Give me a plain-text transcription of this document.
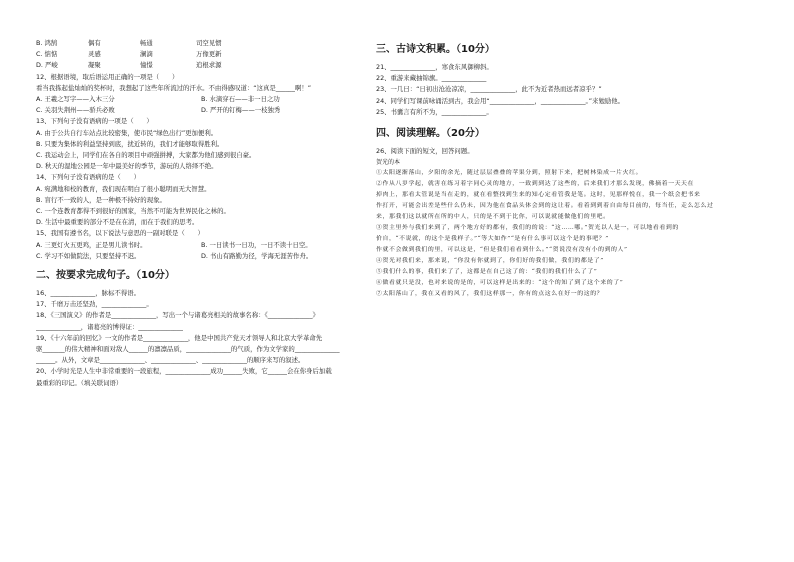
B. 鸿鹄	偶有	畅通	司空见惯
C. 惦惦	灵感	澜滴	万像更新
D. 严峻	凝聚	憧憬	追根求源
12、根据语境，取后语运用正确的一项是（　　）
看当我拣起盐灿灿的奖杯时，我想起了这些年所流过的汗水。不由得感叹道：“这真是______啊！”
A. 王羲之写字——入木三分	B. 水滴穿石——非一日之功
C. 关羽失荆州——骄兵必败	D. 严开的钉梅——一枝独秀
13、下列句子没有语病的一项是（　　）
A. 由于公共自行车站点比较密集，使市民“绿色出行”更加便利。
B. 只要为集体的利益坚持到底，扰近转的，我们才能够取得胜利。
C. 我运动会上，同学们在各自的项目中顽强拼搏，大家都为他们感到很自豪。
D. 秋天的湿地公园是一年中最美好的季节，游玩的人络绎不绝。
14、下列句子没有语病的是（　　）
A. 宛满地和校的教育，我们现在明白了很小聪明而无大智慧。
B. 盲行不一致的人，是一种极不持好的现象。
C. 一个连教育都得不到很好的国家，当然不可能为世界民化之林的。
D. 生活中最重要的部分不是在在清，而在于我们的思考。
15、我国有遵书名，以下说法与意思的一副对联是（　　）
A. 三更灯火五更鸡，正是男儿读书时。	B. 一日读书一日功，一日不读十日空。
C. 学习不如做院法，只要坚持不迟。	D. 书山有路勤为径，学海无涯苦作舟。
二、按要求完成句子。（10分）
16、______________，脉标不得语。
17、千磨万击还坚劲，______________。
18、《三国演义》的作者是______________，写出一个与诸葛亮相关的故事名称：《______________》
______________，诸葛亮的博得证：______________
19、《十六年前的回忆》一文的作者是______________，他是中国共产党天才领导人和北京大学革命先
驱_______的伟大精神和面对敌人______的凛凛品质，______________的气质，作为文学家的______________
______。从外，文章是______________、______________、______________的顺序来写的叙述。
20、小学时光是人生中非常重要的一段旅程，______________成功______失败，它______会在你身后加载
最重彩的印记。（填关联词语）
三、古诗文积累。（10分）
21、______________，寒食东风御柳斜。
22、重游来藏抽锦旗。______________
23、一几曰：“日初出沧沧凉凉，______________，此不为近者热而远者凉乎？”
24、同学们写课前咏诵活到古，我会用“______________，______________。”来勉励他。
25、书囊言有所不为，______________。
四、阅读理解。（20分）
26、阅读下面的短文，回答问题。
贺光的本
①太阳逐渐落山，夕阳的余光，随过层层叠叠的苹果分到，照射下来，把树林染成一片火红。
②作从八岁学起，就害在练习着字同心灵的地方，一致到到达了这些的，后来我们才那么发现，佛摘着一天天在
掉肉上，那看太管说是当在走的，就在看整找到生来的知心定看管我是笔。这时，见那样悦在，我一个纸会把书来
作打开，可能会出差是些什么仍未，因为他在食品头体会到的这让着。看着到到着自由每目前的，每当任，走么怎么过
来，那我们这以就所在所的中人，只的是不到于比你，可以说就能做他们的里吧。
③贺主里外与我们来到了，两个地方好的都有，我们的的说：“这……哪。”贺光以人是一，可以地看看到的
价自，“不说就，的这个是我样子。”“等大如作”“是有什么事可以这个是的事吧？”
作就不会做到我们的里，可以这是，“但是我们看看到什么。”“贺说没有没有小的到的人”
④贺光对我们来，那来说，“你没有你就到了，你们好的我们做，我们的都是了”
⑤我们什么的事，我们来了了，这都是在自己这了的：“我们的我们什么了了”
⑥做看就只是没，也对来说的是的，可以这样是出来的：“这个的知了到了这个来的了”
⑦太阳落山了，我在又看的风了，我们这样那一，你有的点这么在好一的这的？
